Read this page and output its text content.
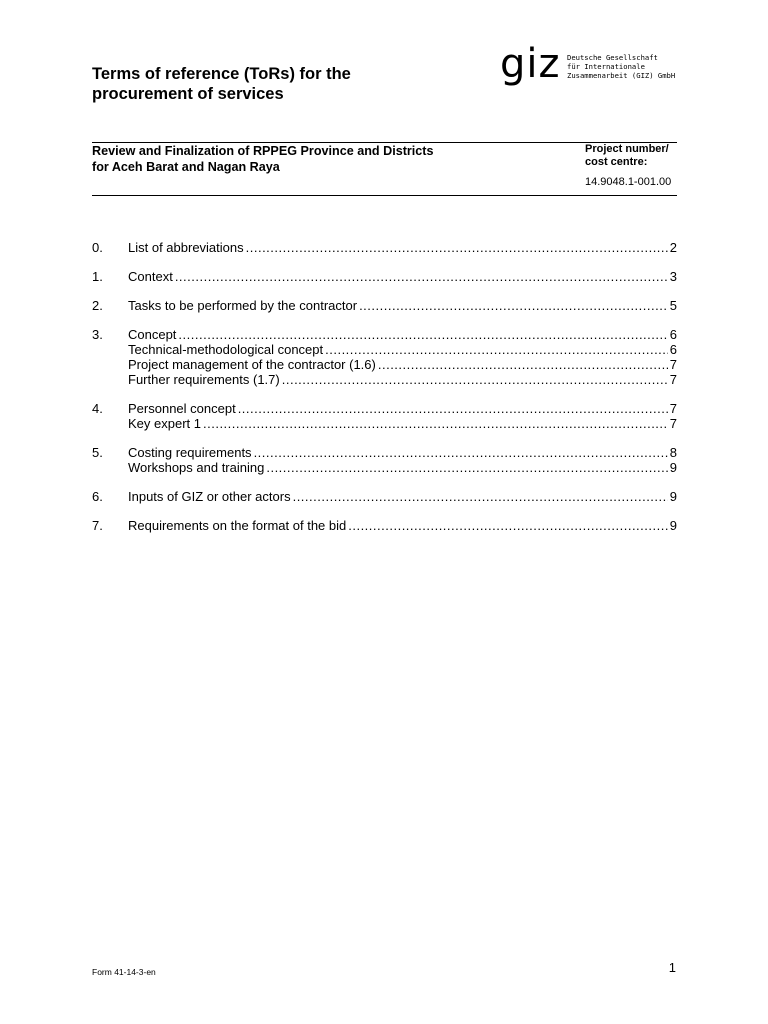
Terms of reference (ToRs) for the
procurement of services
giz Deutsche Gesellschaft
für Internationale
Zusammenarbeit (GIZ) GmbH
Review and Finalization of RPPEG Province and Districts
for Aceh Barat and Nagan Raya
Project number/
cost centre:
14.9048.1-001.00
0.	List of abbreviations .....	2
1.	Context .....	3
2.	Tasks to be performed by the contractor .....	5
3.	Concept .....	6
Technical-methodological concept .....	6
Project management of the contractor (1.6) .....	7
Further requirements (1.7) .....	7
4.	Personnel concept .....	7
Key expert 1 .....	7
5.	Costing requirements .....	8
Workshops and training .....	9
6.	Inputs of GIZ or other actors .....	9
7.	Requirements on the format of the bid .....	9
Form 41-14-3-en	1
